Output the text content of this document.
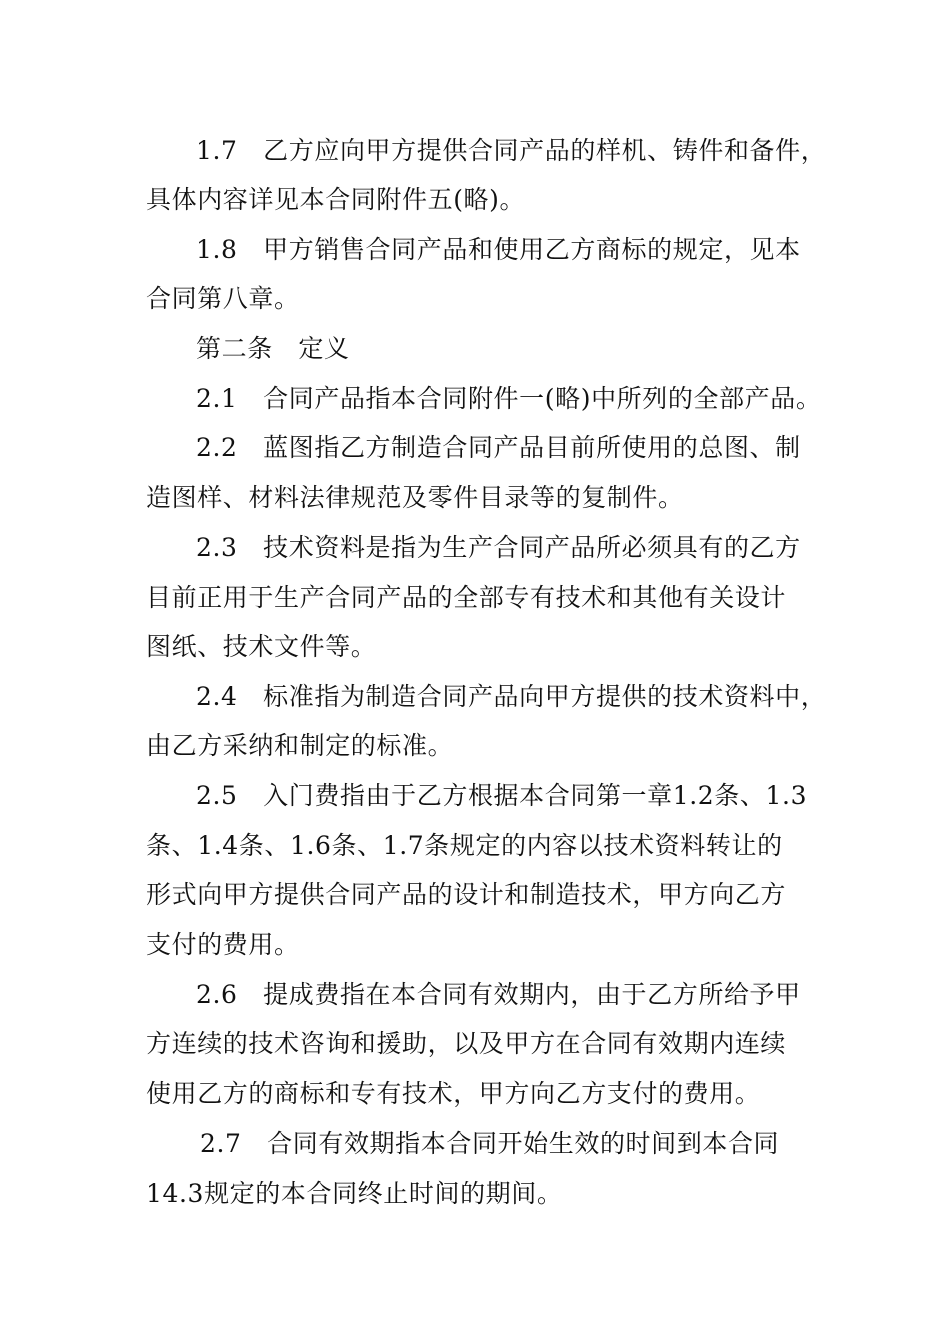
1.7　乙方应向甲方提供合同产品的样机、铸件和备件，
具体内容详见本合同附件五(略)。
1.8　甲方销售合同产品和使用乙方商标的规定，见本
合同第八章。
第二条　定义
2.1　合同产品指本合同附件一(略)中所列的全部产品。
2.2　蓝图指乙方制造合同产品目前所使用的总图、制
造图样、材料法律规范及零件目录等的复制件。
2.3　技术资料是指为生产合同产品所必须具有的乙方
目前正用于生产合同产品的全部专有技术和其他有关设计
图纸、技术文件等。
2.4　标准指为制造合同产品向甲方提供的技术资料中，
由乙方采纳和制定的标准。
2.5　入门费指由于乙方根据本合同第一章1.2条、1.3
条、1.4条、1.6条、1.7条规定的内容以技术资料转让的
形式向甲方提供合同产品的设计和制造技术，甲方向乙方
支付的费用。
2.6　提成费指在本合同有效期内，由于乙方所给予甲
方连续的技术咨询和援助，以及甲方在合同有效期内连续
使用乙方的商标和专有技术，甲方向乙方支付的费用。
2.7　合同有效期指本合同开始生效的时间到本合同
14.3规定的本合同终止时间的期间。
